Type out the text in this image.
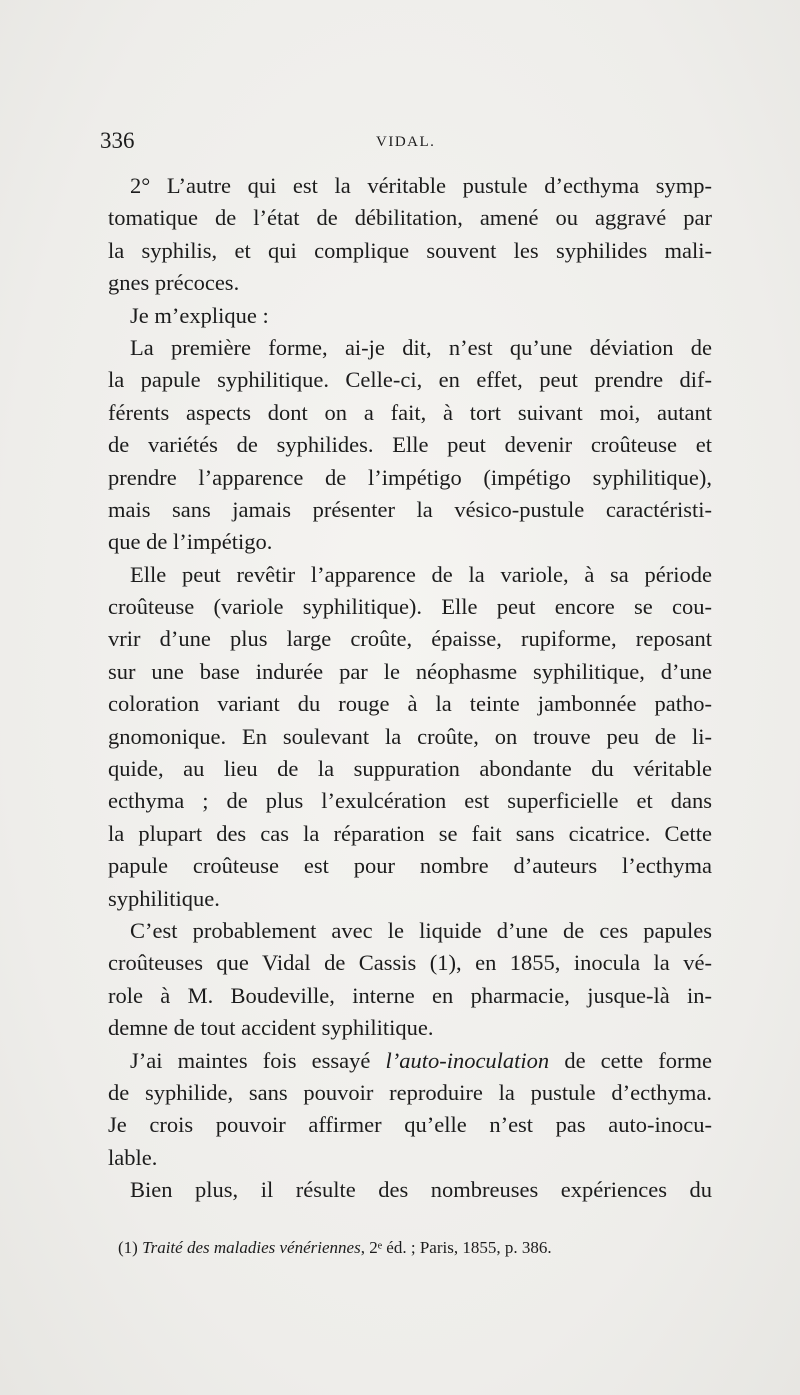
336	VIDAL.
2° L’autre qui est la véritable pustule d’ecthyma symp-
tomatique de l’état de débilitation, amené ou aggravé par
la syphilis, et qui complique souvent les syphilides mali-
gnes précoces.
Je m’explique :
La première forme, ai-je dit, n’est qu’une déviation de
la papule syphilitique. Celle-ci, en effet, peut prendre dif-
férents aspects dont on a fait, à tort suivant moi, autant
de variétés de syphilides. Elle peut devenir croûteuse et
prendre l’apparence de l’impétigo (impétigo syphilitique),
mais sans jamais présenter la vésico-pustule caractéristi-
que de l’impétigo.
Elle peut revêtir l’apparence de la variole, à sa période
croûteuse (variole syphilitique). Elle peut encore se cou-
vrir d’une plus large croûte, épaisse, rupiforme, reposant
sur une base indurée par le néophasme syphilitique, d’une
coloration variant du rouge à la teinte jambonnée patho-
gnomonique. En soulevant la croûte, on trouve peu de li-
quide, au lieu de la suppuration abondante du véritable
ecthyma ; de plus l’exulcération est superficielle et dans
la plupart des cas la réparation se fait sans cicatrice. Cette
papule croûteuse est pour nombre d’auteurs l’ecthyma
syphilitique.
C’est probablement avec le liquide d’une de ces papules
croûteuses que Vidal de Cassis (1), en 1855, inocula la vé-
role à M. Boudeville, interne en pharmacie, jusque-là in-
demne de tout accident syphilitique.
J’ai maintes fois essayé l’auto-inoculation de cette forme
de syphilide, sans pouvoir reproduire la pustule d’ecthyma.
Je crois pouvoir affirmer qu’elle n’est pas auto-inocu-
lable.
Bien plus, il résulte des nombreuses expériences du
(1) Traité des maladies vénériennes, 2ᵉ éd. ; Paris, 1855, p. 386.
